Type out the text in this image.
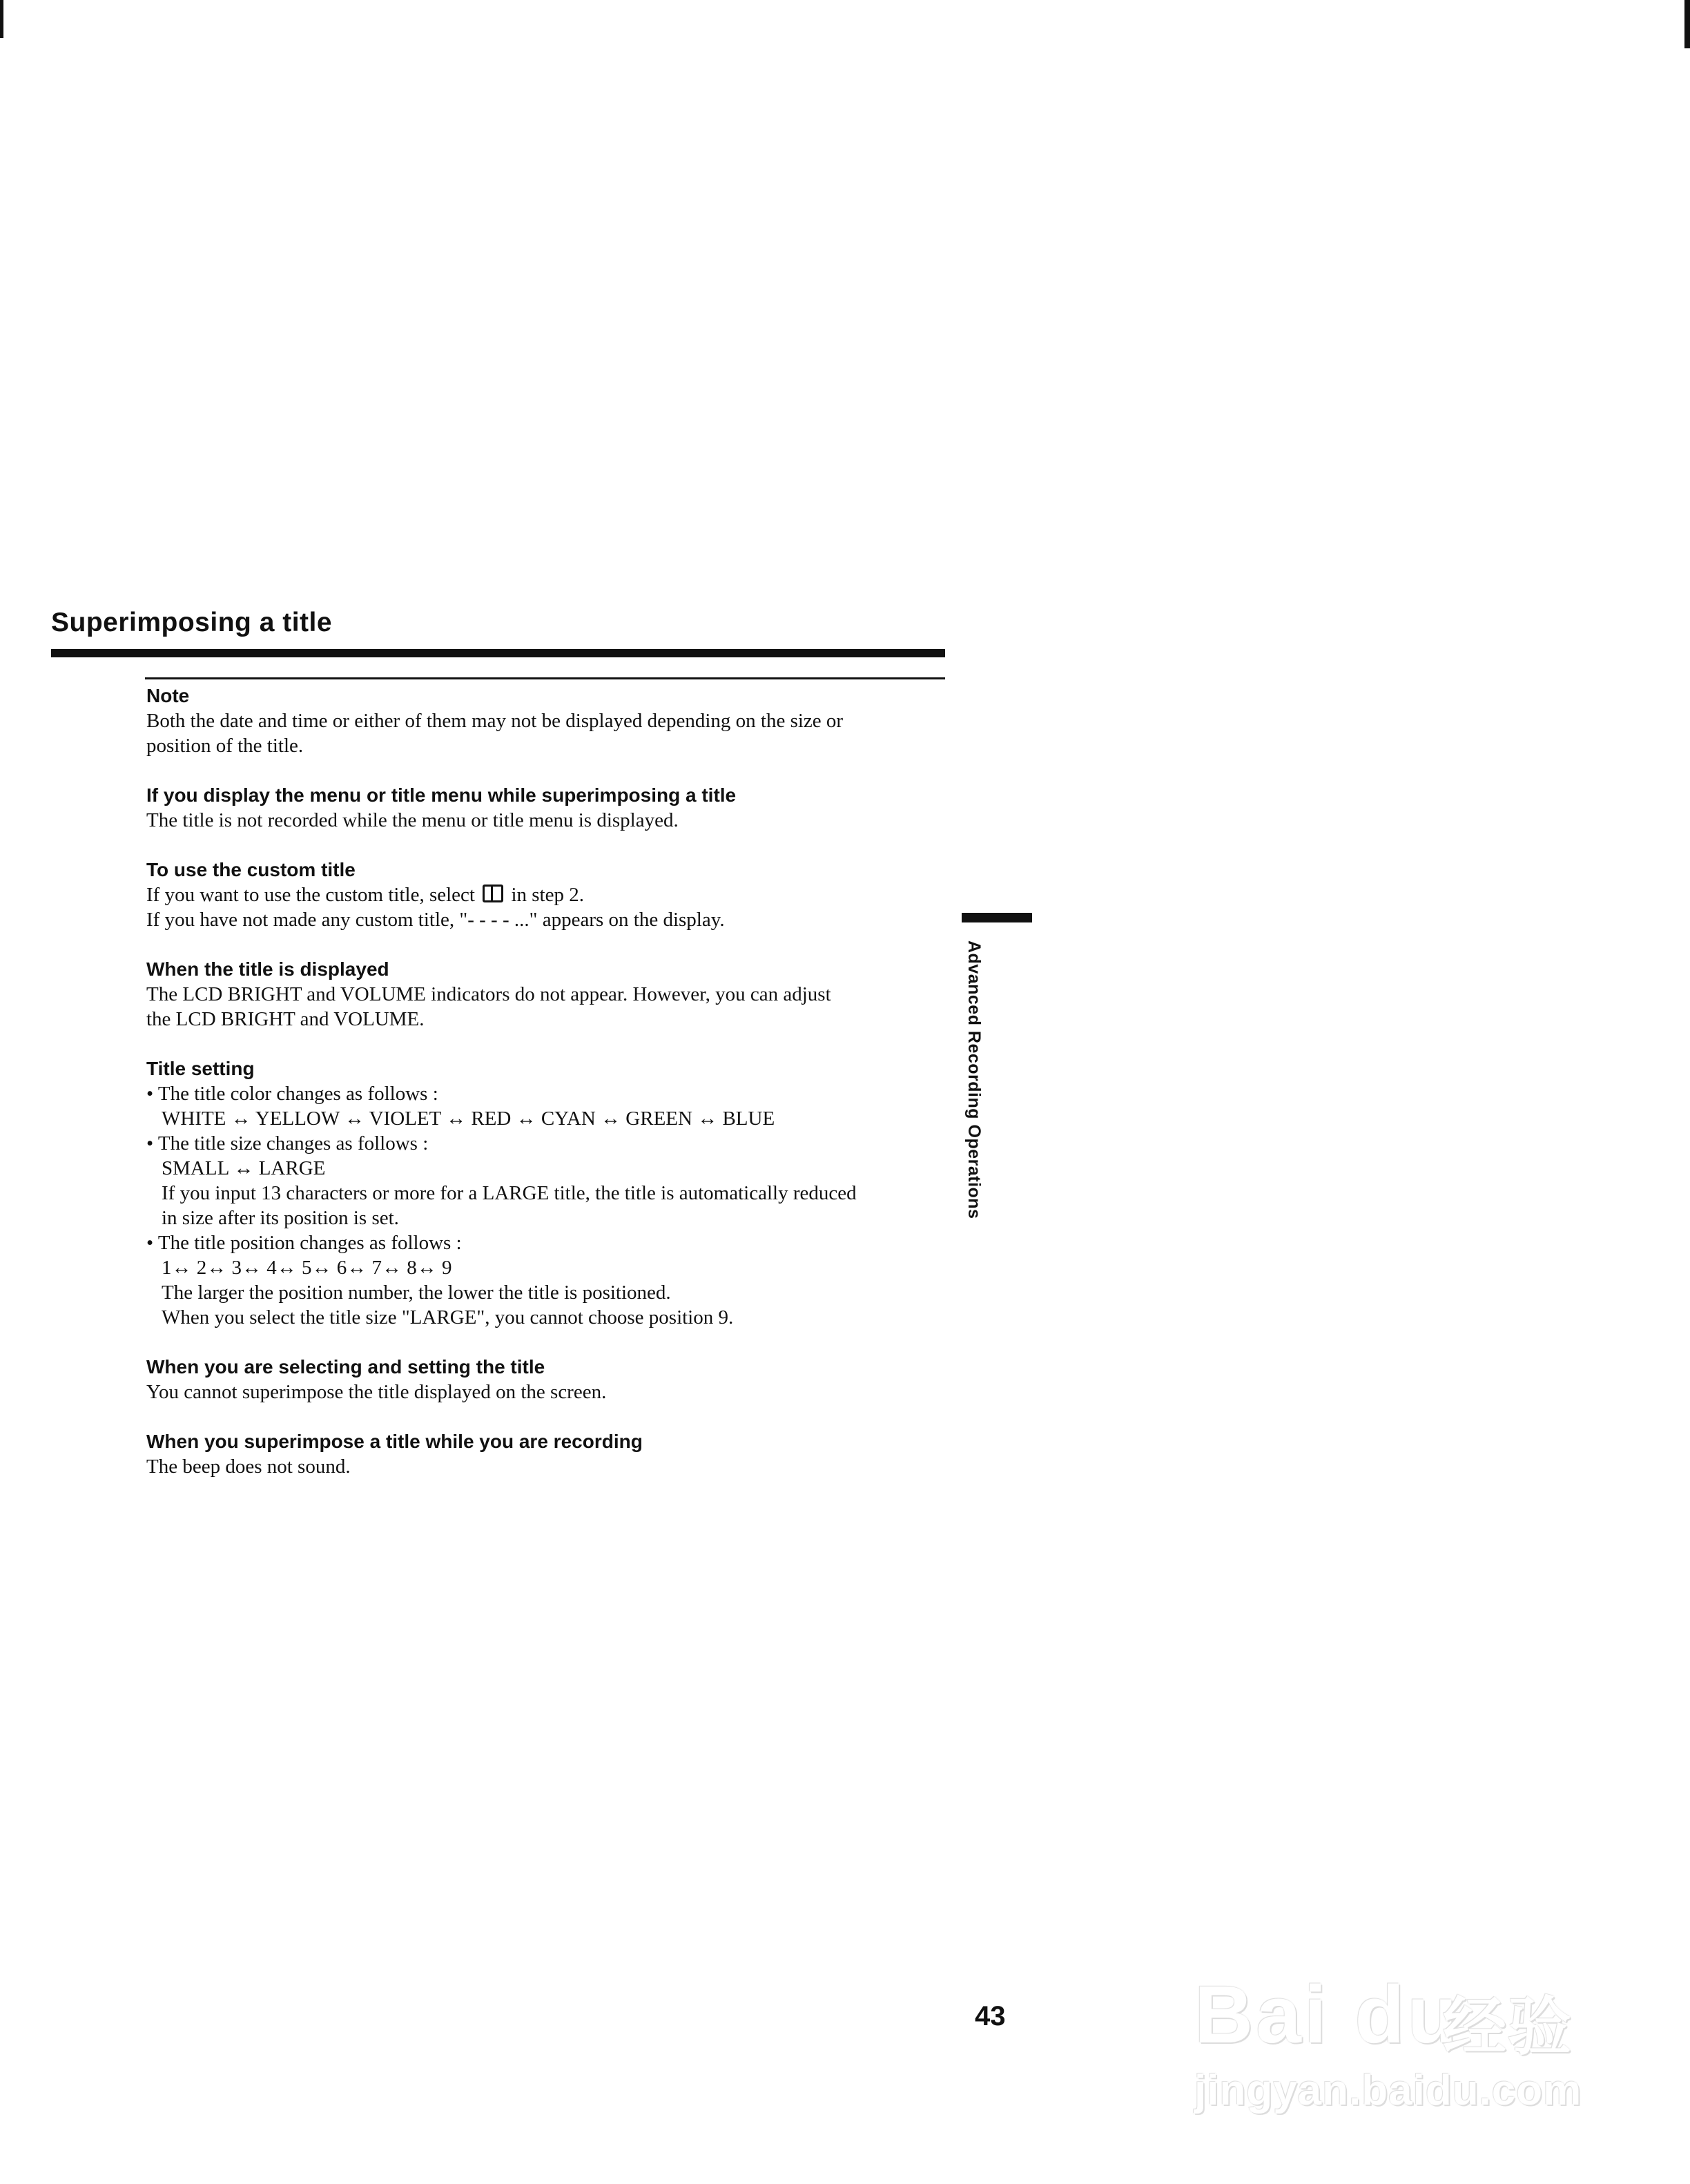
Superimposing a title
Note
Both the date and time or either of them may not be displayed depending on the size or
position of the title.
If you display the menu or title menu while superimposing a title
The title is not recorded while the menu or title menu is displayed.
To use the custom title
If you want to use the custom title, select in step 2.
If you have not made any custom title, "- - - - ..." appears on the display.
When the title is displayed
The LCD BRIGHT and VOLUME indicators do not appear. However, you can adjust
the LCD BRIGHT and VOLUME.
Title setting
• The title color changes as follows :
WHITE ↔ YELLOW ↔ VIOLET ↔ RED ↔ CYAN ↔ GREEN ↔ BLUE
• The title size changes as follows :
SMALL ↔ LARGE
If you input 13 characters or more for a LARGE title, the title is automatically reduced
in size after its position is set.
• The title position changes as follows :
1↔ 2↔ 3↔ 4↔ 5↔ 6↔ 7↔ 8↔ 9
The larger the position number, the lower the title is positioned.
When you select the title size "LARGE", you cannot choose position 9.
When you are selecting and setting the title
You cannot superimpose the title displayed on the screen.
When you superimpose a title while you are recording
The beep does not sound.
Advanced Recording Operations
43 Bai du
经验
jingyan.baidu.com
